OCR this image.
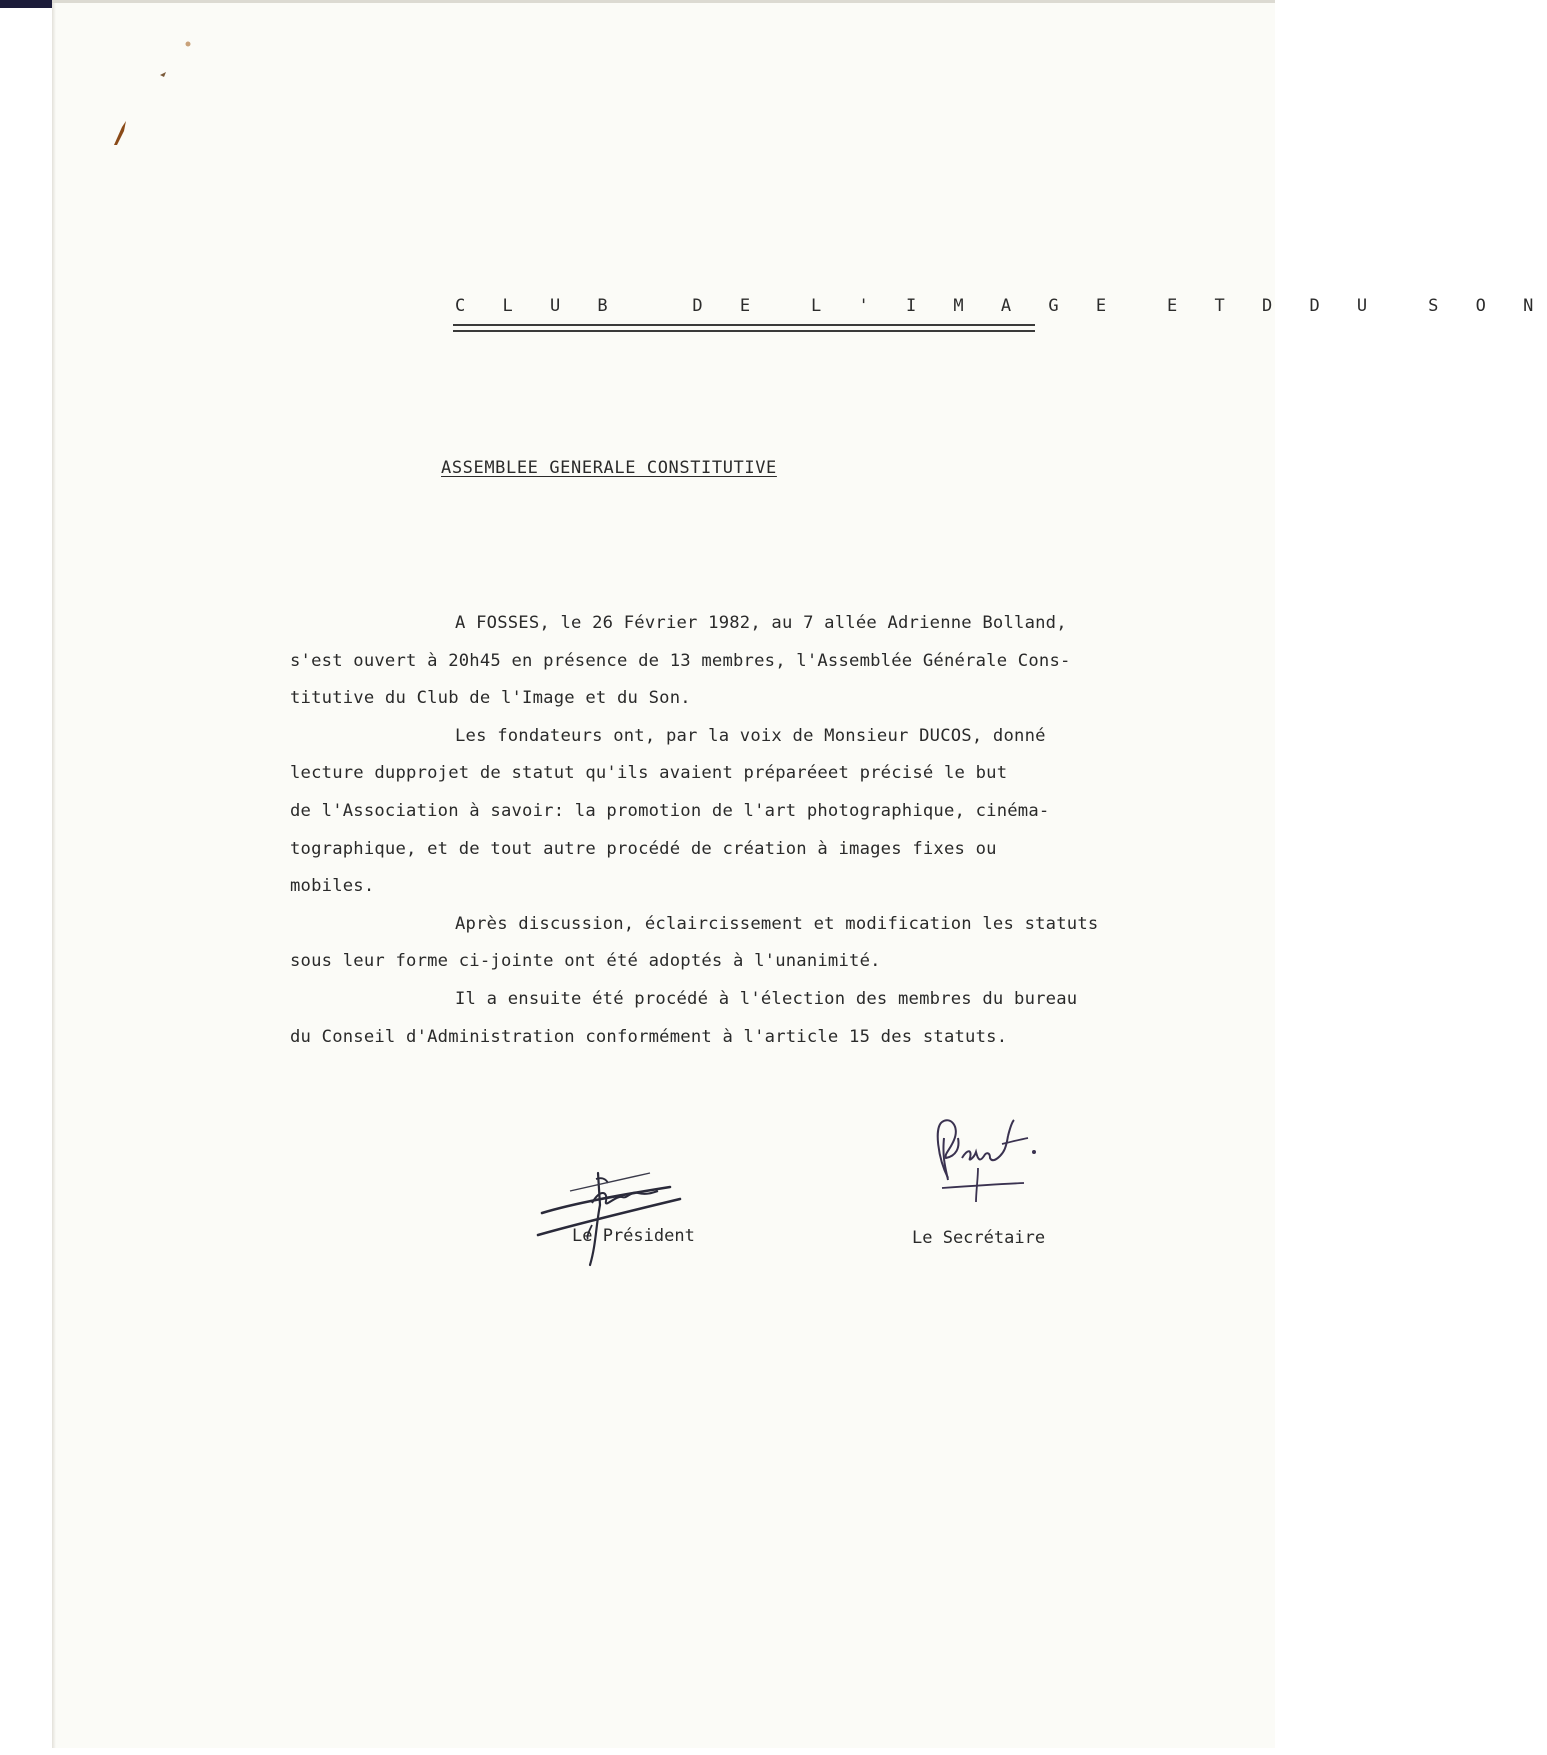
C L U B   D E  L ' I M A G E  E T D D U  S O N
ASSEMBLEE GENERALE CONSTITUTIVE
A FOSSES, le 26 Février 1982, au 7 allée Adrienne Bolland,
s'est ouvert à 20h45 en présence de 13 membres, l'Assemblée Générale Cons-
titutive du Club de l'Image et du Son.
Les fondateurs ont, par la voix de Monsieur DUCOS, donné
lecture dupprojet de statut qu'ils avaient préparéeet précisé le but
de l'Association à savoir: la promotion de l'art photographique, cinéma-
tographique, et de tout autre procédé de création à images fixes ou
mobiles.
Après discussion, éclaircissement et modification les statuts
sous leur forme ci-jointe ont été adoptés à l'unanimité.
Il a ensuite été procédé à l'élection des membres du bureau
du Conseil d'Administration conformément à l'article 15 des statuts.
Le Président	Le Secrétaire
